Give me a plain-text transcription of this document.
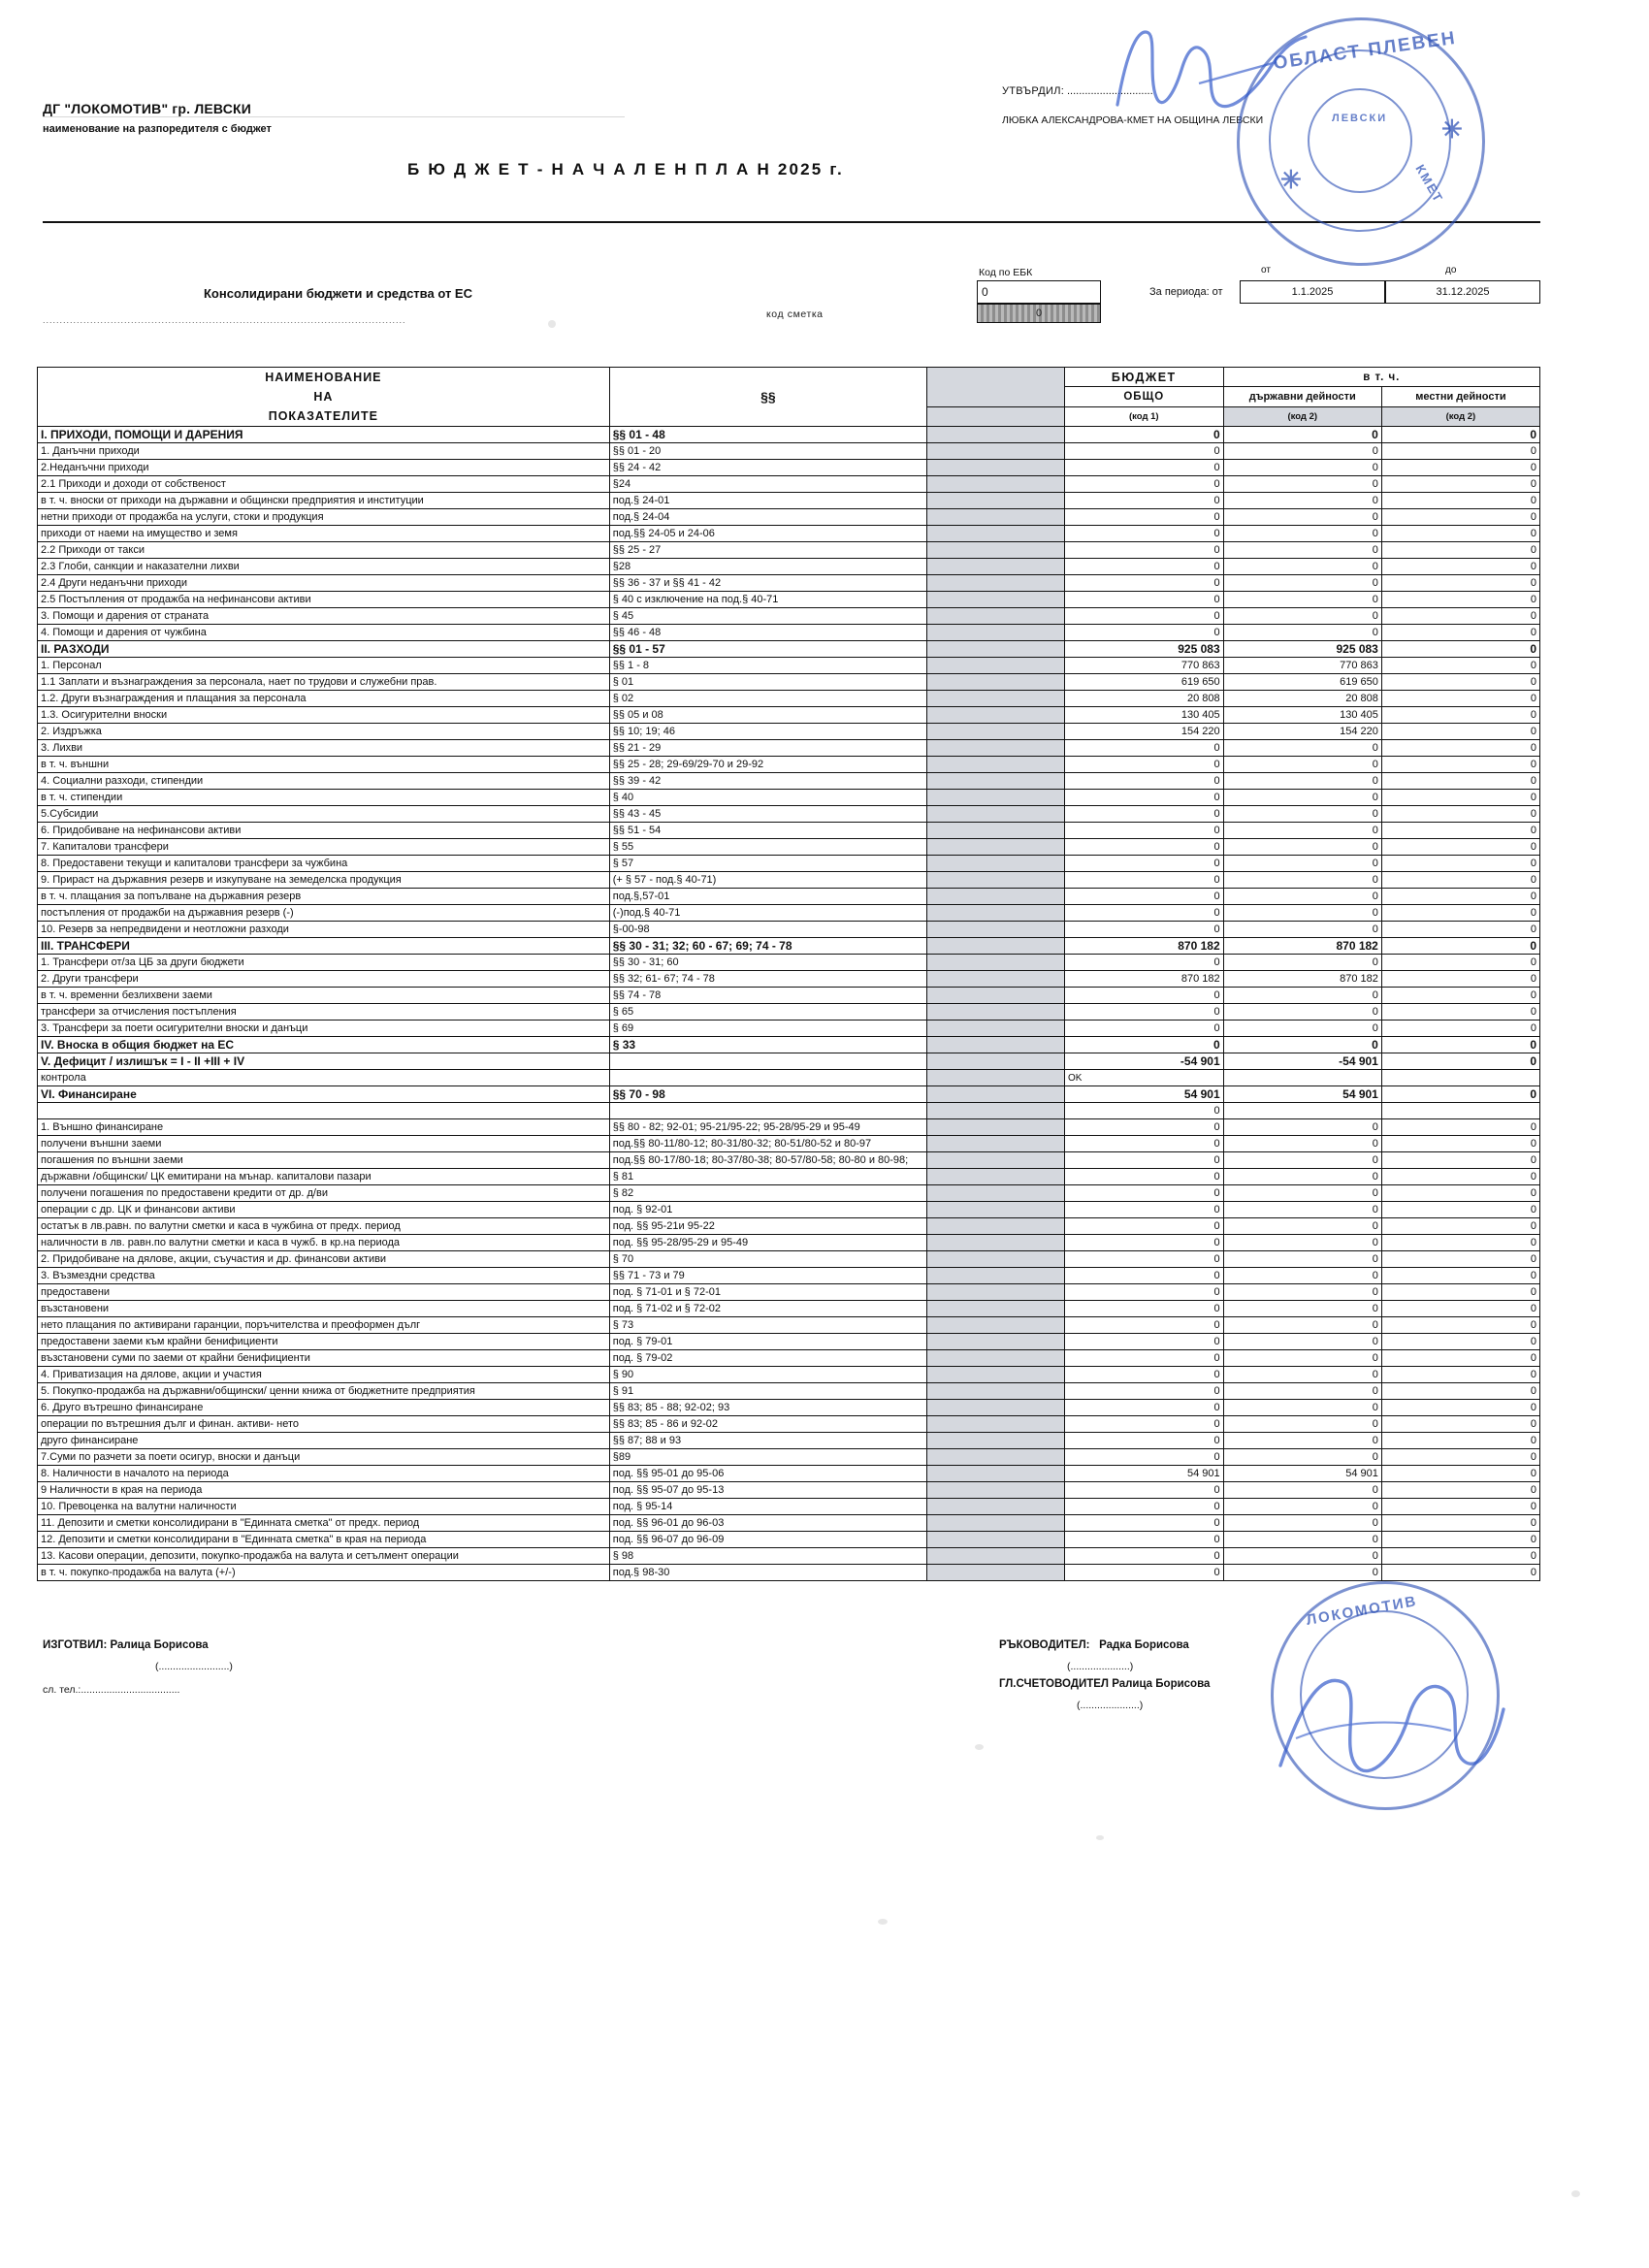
ДГ "ЛОКОМОТИВ" гр. ЛЕВСКИ
наименование на разпоредителя с бюджет
УТВЪРДИЛ: .............................
ЛЮБКА АЛЕКСАНДРОВА-КМЕТ НА ОБЩИНА ЛЕВСКИ
Б Ю Д Ж Е Т - Н А Ч А Л Е Н П Л А Н 2025 г.
Консолидирани бюджети и средства от ЕС
...........................................................................................................	код сметкa
Код по ЕБК
0
0
от	до
За периода: от	1.1.2025	31.12.2025
НАИМЕНОВАНИЕ
НА
ПОКАЗАТЕЛИТЕ	§§		БЮДЖЕТ	в т. ч.	
			ОБЩО	държавни дейности	местни дейности
			(код 1)	(код 2)	(код 2)
I. ПРИХОДИ, ПОМОЩИ И ДАРЕНИЯ	§§ 01 - 48		0	0	0
1. Данъчни приходи	§§ 01 - 20		0	0	0
2.Неданъчни приходи	§§ 24 - 42		0	0	0
2.1 Приходи и доходи от собственост	§24		0	0	0
в т. ч. вноски от приходи на държавни и общински предприятия и институции	под.§ 24-01		0	0	0
нетни приходи от продажба на услуги, стоки и продукция	под.§ 24-04		0	0	0
приходи от наеми на имущество и земя	под.§§ 24-05 и 24-06		0	0	0
2.2 Приходи от такси	§§ 25 - 27		0	0	0
2.3 Глоби, санкции и наказателни лихви	§28		0	0	0
2.4 Други неданъчни приходи	§§ 36 - 37 и §§ 41 - 42		0	0	0
2.5 Постъпления от продажба на нефинансови активи	§ 40 с изключение на под.§ 40-71		0	0	0
3. Помощи и дарения от страната	§ 45		0	0	0
4. Помощи и дарения от чужбина	§§ 46 - 48		0	0	0
II. РАЗХОДИ	§§ 01 - 57		925 083	925 083	0
1. Персонал	§§ 1 - 8		770 863	770 863	0
1.1 Заплати и възнаграждения за персонала, нает по трудови и служебни прав.	§ 01		619 650	619 650	0
1.2. Други възнаграждения и плащания за персонала	§ 02		20 808	20 808	0
1.3. Осигурителни вноски	§§ 05 и 08		130 405	130 405	0
2. Издръжка	§§ 10; 19; 46		154 220	154 220	0
3. Лихви	§§ 21 - 29		0	0	0
в т. ч. външни	§§ 25 - 28; 29-69/29-70 и 29-92		0	0	0
4. Социални разходи, стипендии	§§ 39 - 42		0	0	0
в т. ч. стипендии	§ 40		0	0	0
5.Субсидии	§§ 43 - 45		0	0	0
6. Придобиване на нефинансови активи	§§ 51 - 54		0	0	0
7. Капиталови трансфери	§ 55		0	0	0
8. Предоставени текущи и капиталови трансфери за чужбина	§ 57		0	0	0
9. Прираст на държавния резерв и изкупуване на земеделска продукция	(+ § 57 - под.§ 40-71)		0	0	0
в т. ч. плащания за попълване на държавния резерв	под.§,57-01		0	0	0
постъпления от продажби на държавния резерв (-)	(-)под.§ 40-71		0	0	0
10. Резерв за непредвидени и неотложни разходи	§-00-98		0	0	0
III. ТРАНСФЕРИ	§§ 30 - 31; 32; 60 - 67; 69; 74 - 78		870 182	870 182	0
1. Трансфери от/за ЦБ за други бюджети	§§ 30 - 31; 60		0	0	0
2. Други трансфери	§§ 32; 61- 67; 74 - 78		870 182	870 182	0
в т. ч. временни безлихвени заеми	§§ 74 - 78		0	0	0
трансфери за отчисления постъпления	§ 65		0	0	0
3. Трансфери за поети осигурителни вноски и данъци	§ 69		0	0	0
IV. Вноска в общия бюджет на ЕС	§ 33		0	0	0
V. Дефицит / излишък = I - II +III + IV			-54 901	-54 901	0
контрола			OK		
VI. Финансиране	§§ 70 - 98		54 901	54 901	0
			0		
1. Външно финансиране	§§ 80 - 82; 92-01; 95-21/95-22; 95-28/95-29 и 95-49		0	0	0
получени външни заеми	под.§§ 80-11/80-12; 80-31/80-32; 80-51/80-52 и 80-97		0	0	0
погашения по външни заеми	под.§§ 80-17/80-18; 80-37/80-38; 80-57/80-58; 80-80 и 80-98;		0	0	0
държавни /общински/ ЦК емитирани на мънар. капиталови пазари	§ 81		0	0	0
получени погашения по предоставени кредити от др. д/ви	§ 82		0	0	0
операции с др. ЦК и финансови активи	под. § 92-01		0	0	0
остатък в лв.равн. по валутни сметки и каса в чужбина от предх. период	под. §§ 95-21и 95-22		0	0	0
наличности в лв. равн.по валутни сметки и каса в чужб. в кр.на периода	под. §§ 95-28/95-29 и 95-49		0	0	0
2. Придобиване на дялове, акции, съучастия и др. финансови активи	§ 70		0	0	0
3. Възмездни средства	§§ 71 - 73 и 79		0	0	0
предоставени	под. § 71-01 и § 72-01		0	0	0
възстановени	под. § 71-02 и § 72-02		0	0	0
нето плащания по активирани гаранции, поръчителства и преоформен дълг	§ 73		0	0	0
предоставени заеми към крайни бенифициенти	под. § 79-01		0	0	0
възстановени суми по заеми от крайни бенифициенти	под. § 79-02		0	0	0
4. Приватизация на дялове, акции и участия	§ 90		0	0	0
5. Покупко-продажба на държавни/общински/ ценни книжа от бюджетните предприятия	§ 91		0	0	0
6. Друго вътрешно финансиране	§§ 83; 85 - 88; 92-02; 93		0	0	0
операции по вътрешния дълг и финан. активи- нето	§§ 83; 85 - 86 и 92-02		0	0	0
друго финансиране	§§ 87; 88 и 93		0	0	0
7.Суми по разчети за поети осигур, вноски и данъци	§89		0	0	0
8. Наличности в началото на периода	под. §§ 95-01 до 95-06		54 901	54 901	0
9 Наличности в края на периода	под. §§ 95-07 до 95-13		0	0	0
10. Превоценка на валутни наличности	под. § 95-14		0	0	0
11. Депозити и сметки консолидирани в "Единната сметка" от предх. период	под. §§ 96-01 до 96-03		0	0	0
12. Депозити и сметки консолидирани в "Единната сметка" в края на периода	под. §§ 96-07 до 96-09		0	0	0
13. Касови операции, депозити, покупко-продажба на валута и сетълмент операции	§ 98		0	0	0
в т. ч. покупко-продажба на валута (+/-)	под.§ 98-30		0	0	0
ИЗГОТВИЛ: Ралица Борисова
(.........................)
сл. тел.:...................................
РЪКОВОДИТЕЛ: Радка Борисова
(.....................)
ГЛ.СЧЕТОВОДИТЕЛ Ралица Борисова
(.....................)
ОБЛАСТ ПЛЕВЕН
ЛЕВСКИ
КМЕТ
✳
✳
ЛОКОМОТИВ
